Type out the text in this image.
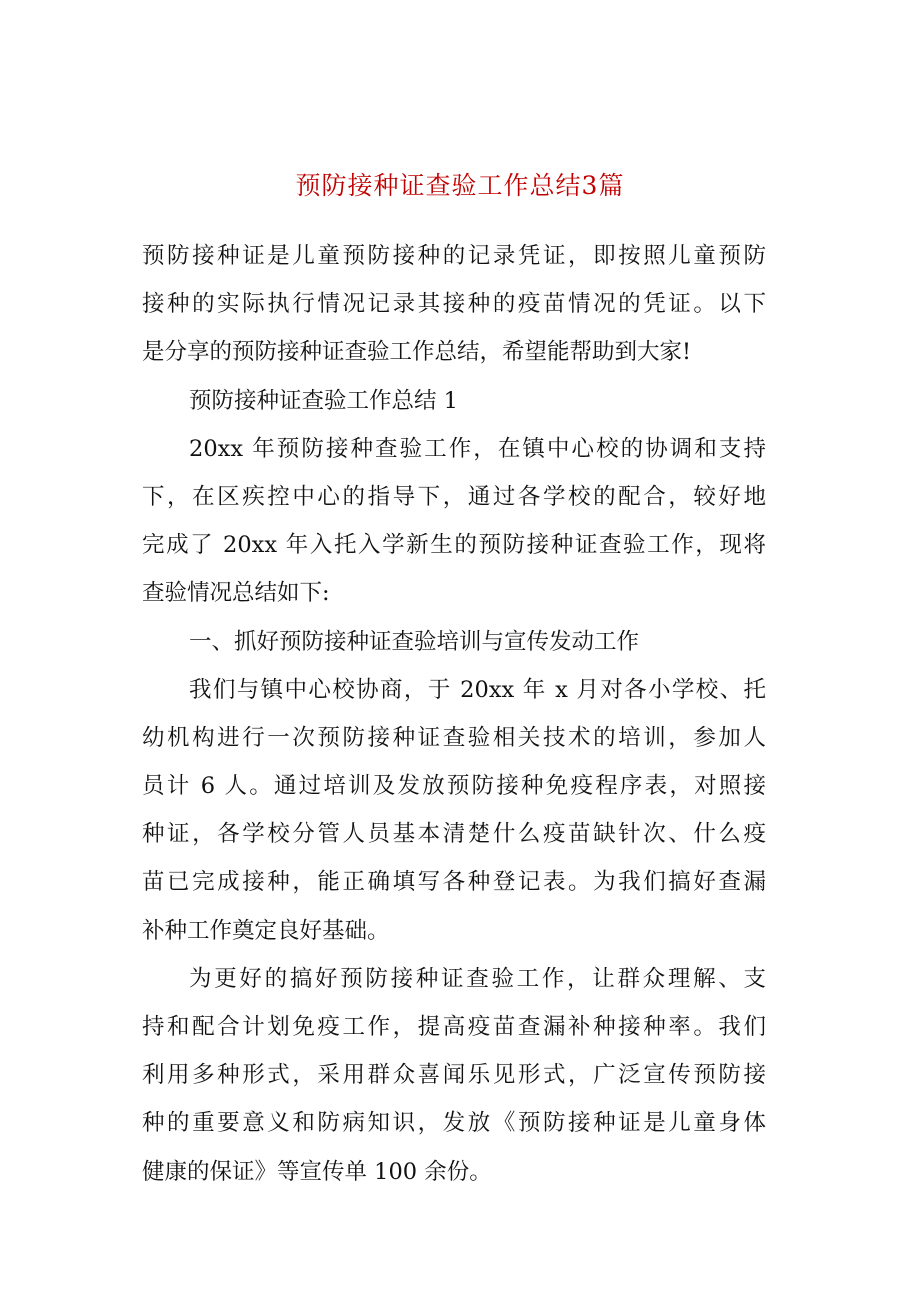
预防接种证查验工作总结3篇
预防接种证是儿童预防接种的记录凭证，即按照儿童预防
接种的实际执行情况记录其接种的疫苗情况的凭证。以下
是分享的预防接种证查验工作总结，希望能帮助到大家!
预防接种证查验工作总结 1
20xx 年预防接种查验工作，在镇中心校的协调和支持
下，在区疾控中心的指导下，通过各学校的配合，较好地
完成了 20xx 年入托入学新生的预防接种证查验工作，现将
查验情况总结如下:
一、抓好预防接种证查验培训与宣传发动工作
我们与镇中心校协商，于 20xx 年 x 月对各小学校、托
幼机构进行一次预防接种证查验相关技术的培训，参加人
员计 6 人。通过培训及发放预防接种免疫程序表，对照接
种证，各学校分管人员基本清楚什么疫苗缺针次、什么疫
苗已完成接种，能正确填写各种登记表。为我们搞好查漏
补种工作奠定良好基础。
为更好的搞好预防接种证查验工作，让群众理解、支
持和配合计划免疫工作，提高疫苗查漏补种接种率。我们
利用多种形式，采用群众喜闻乐见形式，广泛宣传预防接
种的重要意义和防病知识，发放《预防接种证是儿童身体
健康的保证》等宣传单 100 余份。
